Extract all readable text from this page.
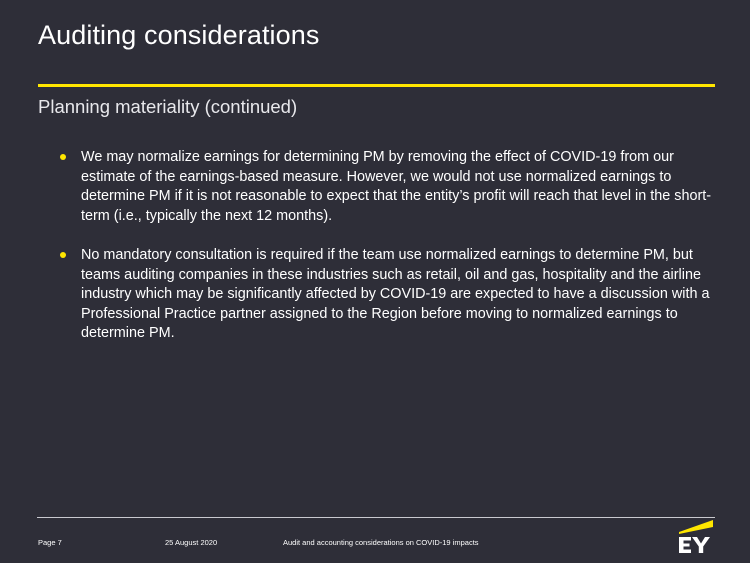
Auditing considerations
Planning materiality (continued)
We may normalize earnings for determining PM by removing the effect of COVID-19 from our estimate of the earnings-based measure. However, we would not use normalized earnings to determine PM if it is not reasonable to expect that the entity’s profit will reach that level in the short-term (i.e., typically the next 12 months).
No mandatory consultation is required if the team use normalized earnings to determine PM, but teams auditing companies in these industries such as retail, oil and gas, hospitality and the airline industry which may be significantly affected by COVID-19 are expected to have a discussion with a Professional Practice partner assigned to the Region before moving to normalized earnings to determine PM.
Page 7	25 August 2020	Audit and accounting considerations on COVID-19 impacts
